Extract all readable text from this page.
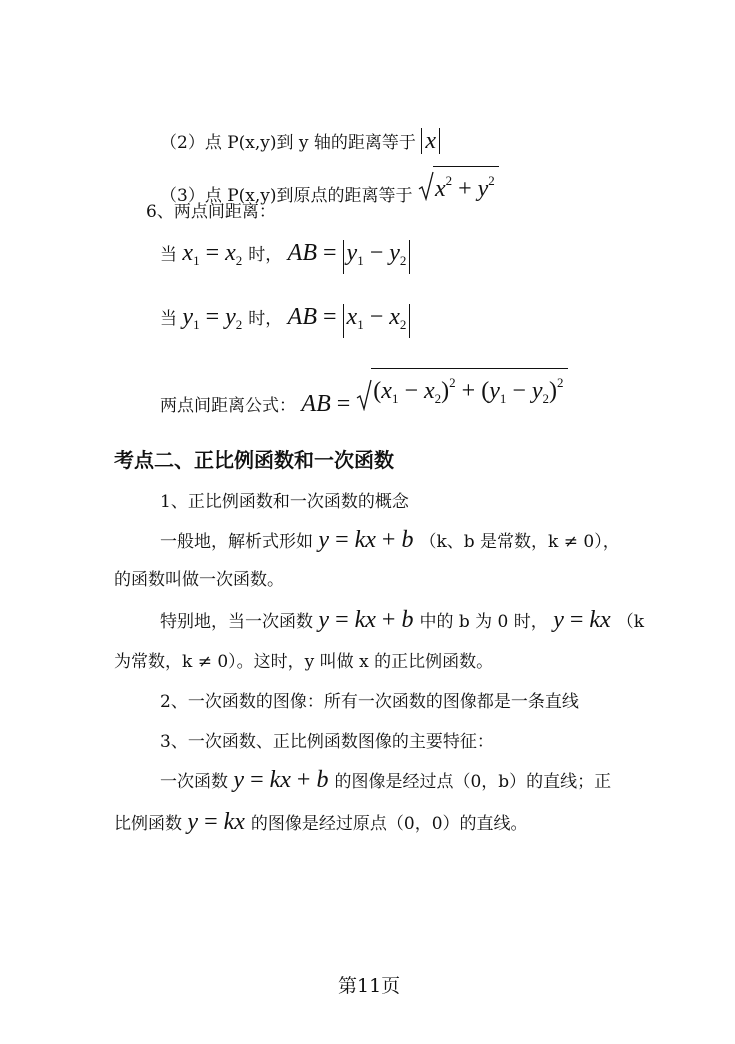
（2）点 P(x,y)到 y 轴的距离等于 x
（3）点 P(x,y)到原点的距离等于 $x^2 + y^2$
6、两点间距离：
当 $x_1 = x_2$ 时， AB = $y_1 - y_2$
当 $y_1 = y_2$ 时， AB = $x_1 - x_2$
两点间距离公式： AB = $(x_1 - x_2)^2 + (y_1 - y_2)^2$
考点二、正比例函数和一次函数
1、正比例函数和一次函数的概念
一般地，解析式形如 y = kx + b （k、b 是常数，k ≠ 0），
的函数叫做一次函数。
特别地，当一次函数 y = kx + b 中的 b 为 0 时， y = kx （k
为常数，k ≠ 0）。这时，y 叫做 x 的正比例函数。
2、一次函数的图像：所有一次函数的图像都是一条直线
3、一次函数、正比例函数图像的主要特征：
一次函数 y = kx + b 的图像是经过点（0，b）的直线；正
比例函数 y = kx 的图像是经过原点（0，0）的直线。
第11页
